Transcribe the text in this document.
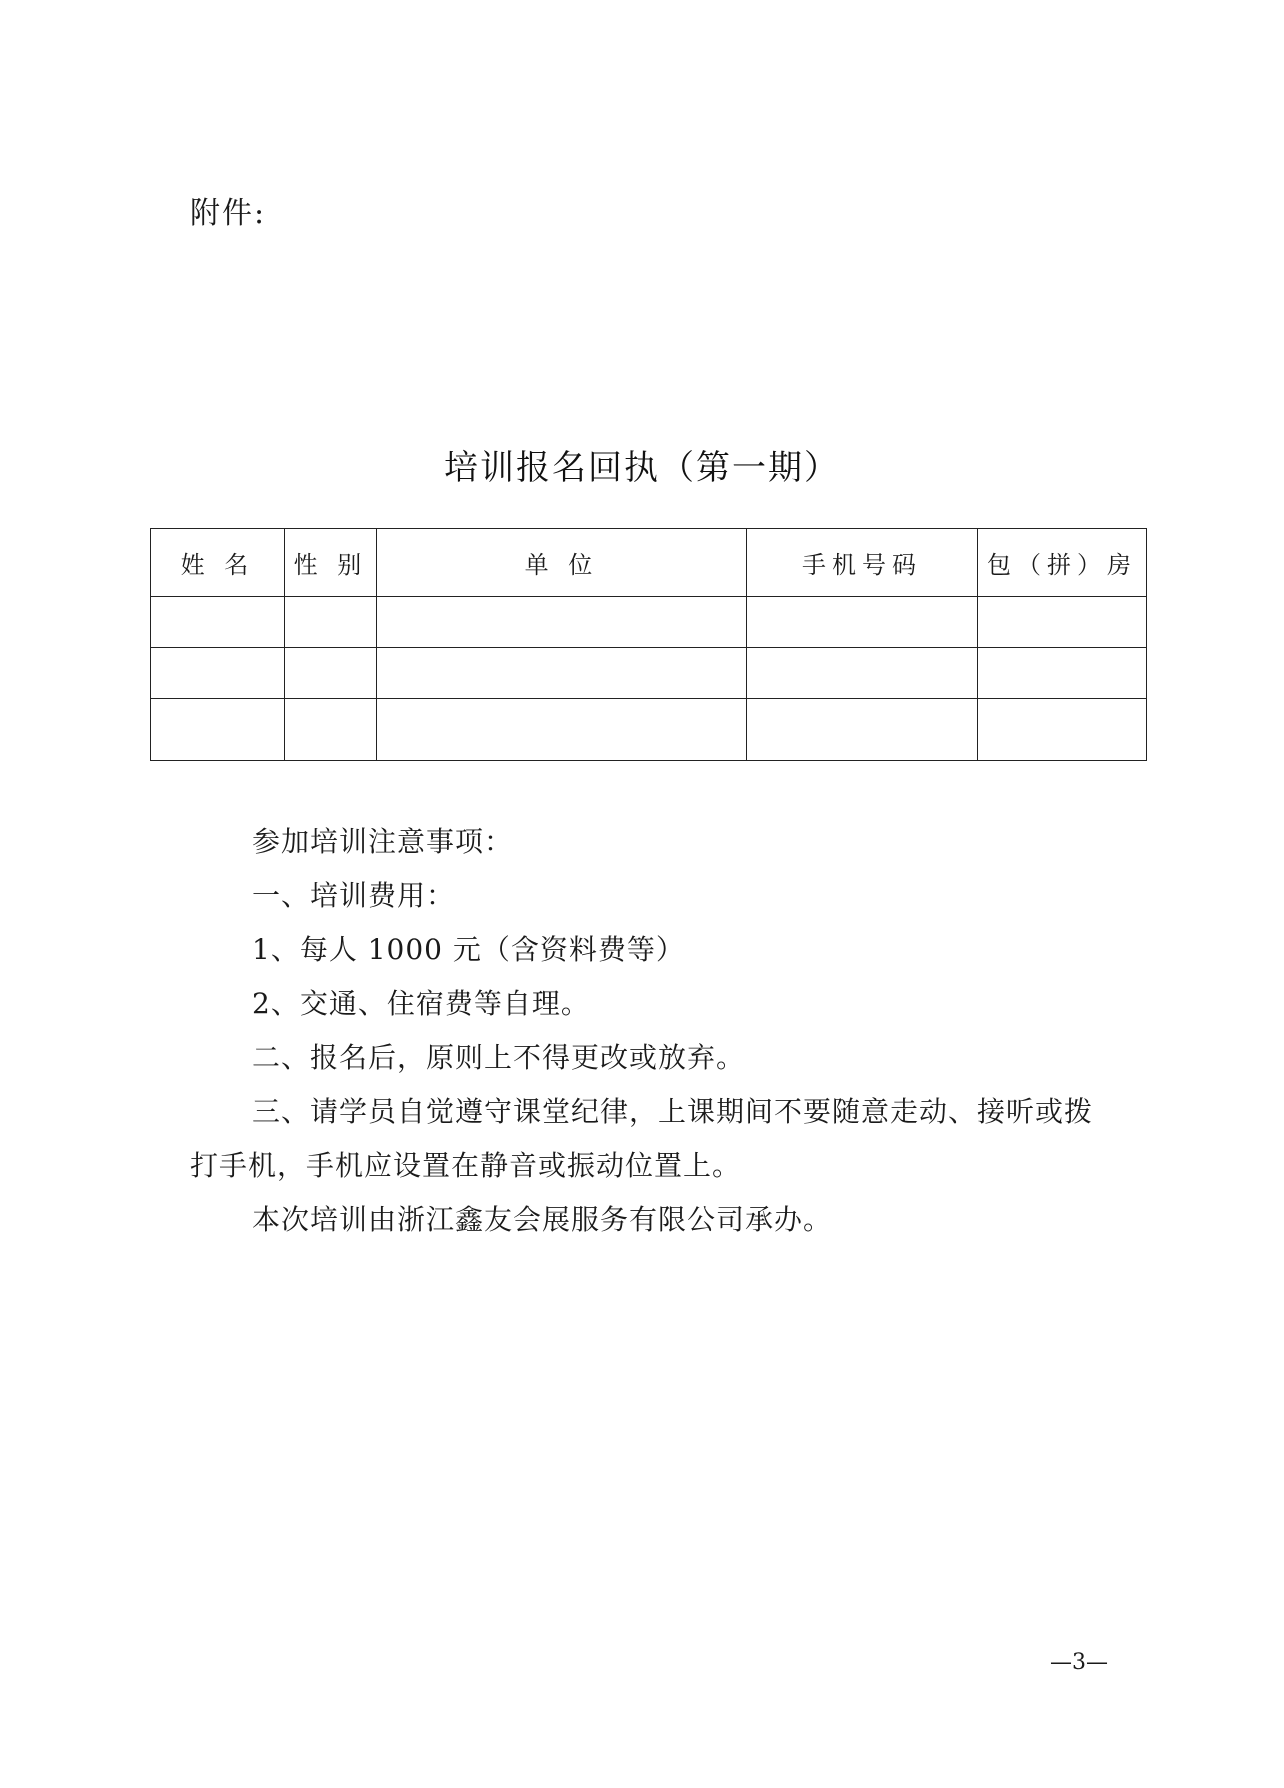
附件:
培训报名回执（第一期）
姓 名	性 别	单 位	手机号码	包（拼）房

参加培训注意事项：

一、培训费用：

1、每人 1000 元（含资料费等）

2、交通、住宿费等自理。

二、报名后，原则上不得更改或放弃。

三、请学员自觉遵守课堂纪律，上课期间不要随意走动、接听或拨打手机，手机应设置在静音或振动位置上。

本次培训由浙江鑫友会展服务有限公司承办。

—3—
